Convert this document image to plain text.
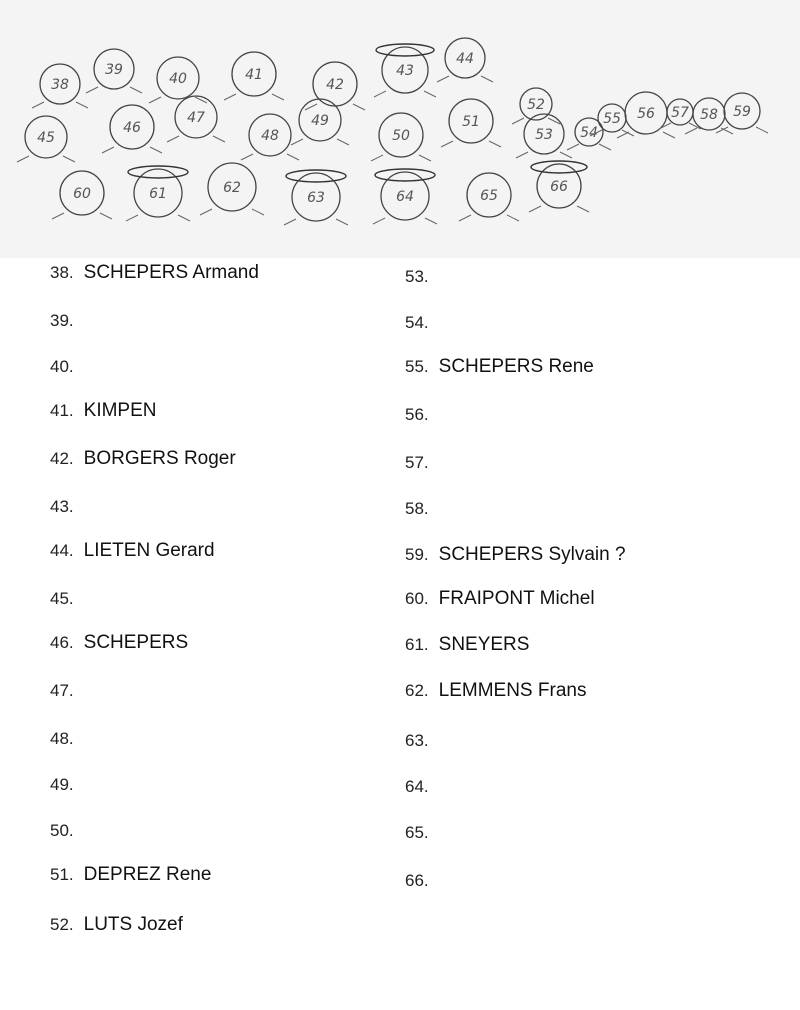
38
39
40	41
42
43
44
45
46
47
48
49
50
51
52
53 54
55 56 57 58 59
60	61	62
63	64	65
66
38. SCHEPERS Armand
39.
40.
41. KIMPEN
42. BORGERS Roger
43.
44. LIETEN Gerard
45.
46. SCHEPERS
47.
48.
49.
50.
51. DEPREZ Rene
52. LUTS Jozef
53.
54.
55. SCHEPERS Rene
56.
57.
58.
59. SCHEPERS Sylvain ?
60. FRAIPONT Michel
61. SNEYERS
62. LEMMENS Frans
63.
64.
65.
66.
